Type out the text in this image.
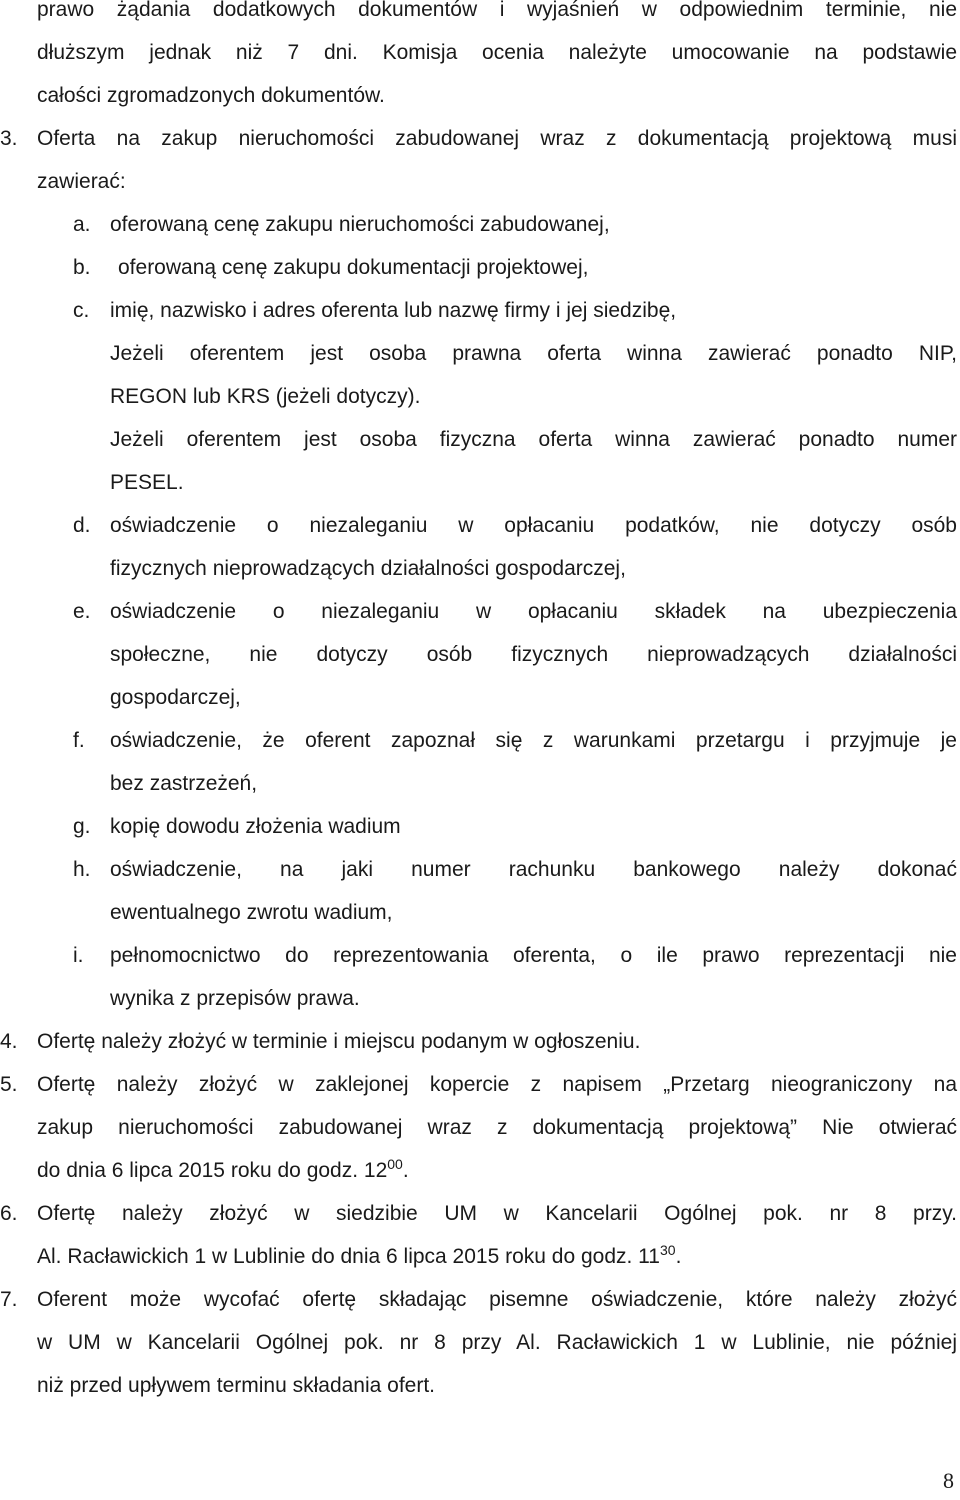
prawo żądania dodatkowych dokumentów i wyjaśnień w odpowiednim terminie, nie
dłuższym jednak niż 7 dni. Komisja ocenia należyte umocowanie na podstawie
całości zgromadzonych dokumentów.
3. Oferta na zakup nieruchomości zabudowanej wraz z dokumentacją projektową musi
zawierać:
a. oferowaną cenę zakupu nieruchomości zabudowanej,
b.	oferowaną cenę zakupu dokumentacji projektowej,
c. imię, nazwisko i adres oferenta lub nazwę firmy i jej siedzibę,
Jeżeli oferentem jest osoba prawna oferta winna zawierać ponadto NIP,
REGON lub KRS (jeżeli dotyczy).
Jeżeli oferentem jest osoba fizyczna oferta winna zawierać ponadto numer
PESEL.
d. oświadczenie o niezaleganiu w opłacaniu podatków, nie dotyczy osób
fizycznych nieprowadzących działalności gospodarczej,
e. oświadczenie o niezaleganiu w opłacaniu składek na ubezpieczenia
społeczne, nie dotyczy osób fizycznych nieprowadzących działalności
gospodarczej,
f.	oświadczenie, że oferent zapoznał się z warunkami przetargu i przyjmuje je
bez zastrzeżeń,
g. kopię dowodu złożenia wadium
h. oświadczenie, na jaki numer rachunku bankowego należy dokonać
ewentualnego zwrotu wadium,
i.	pełnomocnictwo do reprezentowania oferenta, o ile prawo reprezentacji nie
wynika z przepisów prawa.
4. Ofertę należy złożyć w terminie i miejscu podanym w ogłoszeniu.
5. Ofertę należy złożyć w zaklejonej kopercie z napisem „Przetarg nieograniczony na
zakup nieruchomości zabudowanej wraz z dokumentacją projektową” Nie otwierać
do dnia 6 lipca 2015 roku do godz. $12^{00}$.
6. Ofertę należy złożyć w siedzibie UM w Kancelarii Ogólnej pok. nr 8 przy.
Al. Racławickich 1 w Lublinie do dnia 6 lipca 2015 roku do godz. $11^{30}$.
7. Oferent może wycofać ofertę składając pisemne oświadczenie, które należy złożyć
w UM w Kancelarii Ogólnej pok. nr 8 przy Al. Racławickich 1 w Lublinie, nie później
niż przed upływem terminu składania ofert.
8
